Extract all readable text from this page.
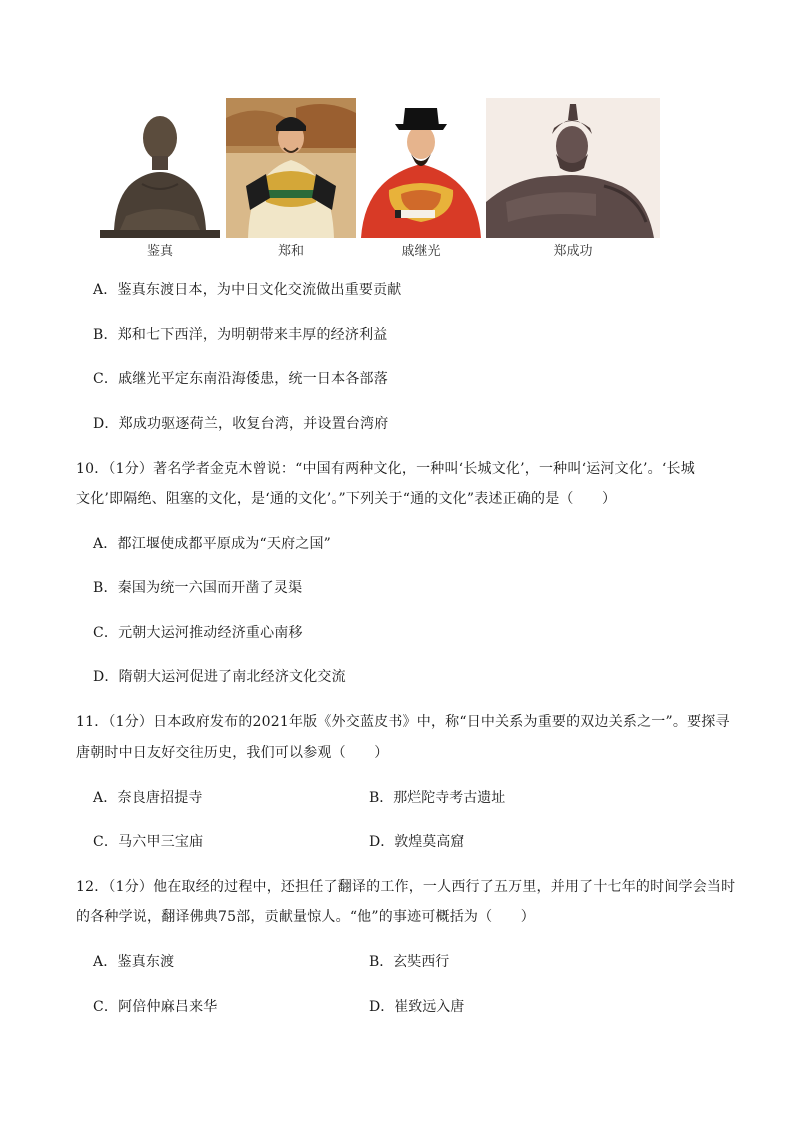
鉴真	郑和	戚继光	郑成功
A．鉴真东渡日本，为中日文化交流做出重要贡献
B．郑和七下西洋，为明朝带来丰厚的经济利益
C．戚继光平定东南沿海倭患，统一日本各部落
D．郑成功驱逐荷兰，收复台湾，并设置台湾府
10．（1分）著名学者金克木曾说：“中国有两种文化，一种叫‘长城文化’，一种叫‘运河文化’。‘长城
文化’即隔绝、阻塞的文化，是‘通的文化’。”下列关于“通的文化”表述正确的是（　　）
A．都江堰使成都平原成为“天府之国”
B．秦国为统一六国而开凿了灵渠
C．元朝大运河推动经济重心南移
D．隋朝大运河促进了南北经济文化交流
11．（1分）日本政府发布的2021年版《外交蓝皮书》中，称“日中关系为重要的双边关系之一”。要探寻
唐朝时中日友好交往历史，我们可以参观（　　）
A．奈良唐招提寺	B．那烂陀寺考古遗址
C．马六甲三宝庙	D．敦煌莫高窟
12．（1分）他在取经的过程中，还担任了翻译的工作，一人西行了五万里，并用了十七年的时间学会当时
的各种学说，翻译佛典75部，贡献量惊人。“他”的事迹可概括为（　　）
A．鉴真东渡	B．玄奘西行
C．阿倍仲麻吕来华	D．崔致远入唐
